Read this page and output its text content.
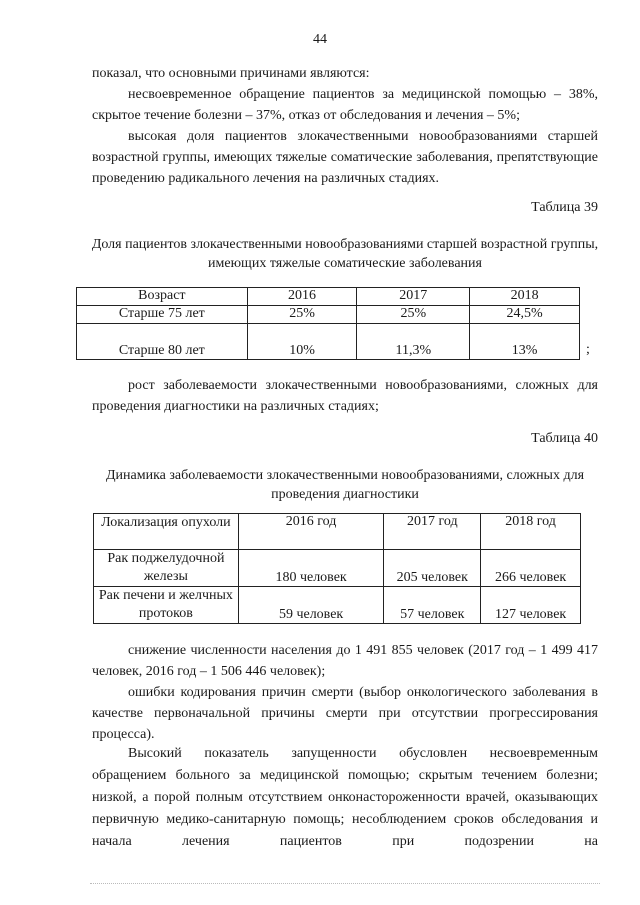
44

показал, что основными причинами являются:

несвоевременное обращение пациентов за медицинской помощью – 38%, скрытое течение болезни – 37%, отказ от обследования и лечения – 5%;

высокая доля пациентов злокачественными новообразованиями старшей возрастной группы, имеющих тяжелые соматические заболевания, препятствующие проведению радикального лечения на различных стадиях.

Таблица 39
Доля пациентов злокачественными новообразованиями старшей возрастной группы, имеющих тяжелые соматические заболевания
Возраст	2016	2017	2018
Старше 75 лет	25%	25%	24,5%
Старше 80 лет	10%	11,3%	13%	;

рост заболеваемости злокачественными новообразованиями, сложных для проведения диагностики на различных стадиях;

Таблица 40
Динамика заболеваемости злокачественными новообразованиями, сложных для проведения диагностики
Локализация опухоли	2016 год	2017 год	2018 год
Рак поджелудочной железы	180 человек	205 человек	266 человек
Рак печени и желчных протоков	59 человек	57 человек	127 человек

снижение численности населения до 1 491 855 человек (2017 год – 1 499 417 человек, 2016 год – 1 506 446 человек);

ошибки кодирования причин смерти (выбор онкологического заболевания в качестве первоначальной причины смерти при отсутствии прогрессирования процесса).

Высокий показатель запущенности обусловлен несвоевременным обращением больного за медицинской помощью; скрытым течением болезни; низкой, а порой полным отсутствием онконастороженности врачей, оказывающих первичную медико-санитарную помощь; несоблюдением сроков обследования и начала лечения пациентов при подозрении на
